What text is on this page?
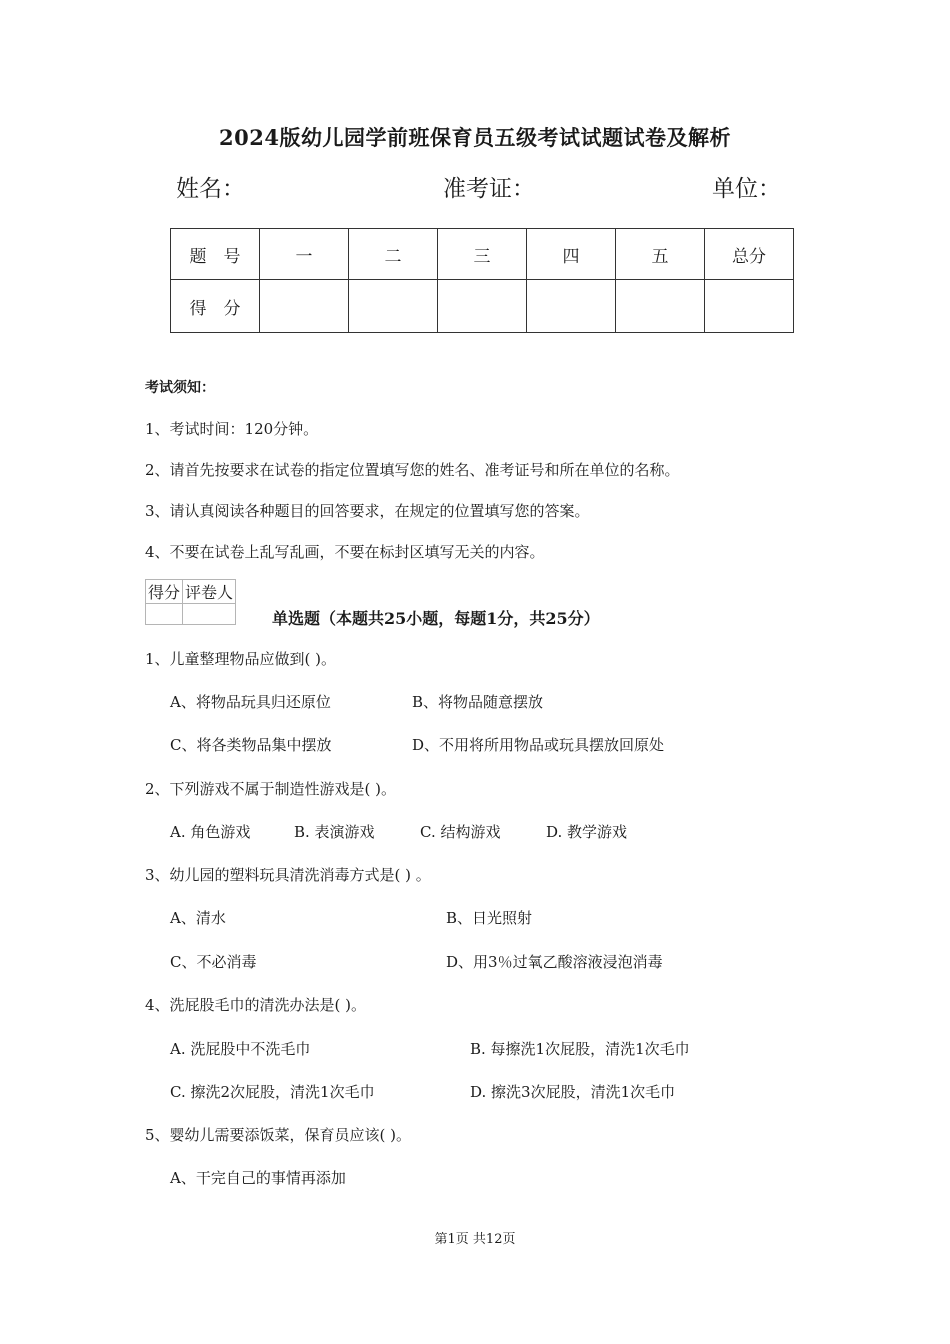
2024版幼儿园学前班保育员五级考试试题试卷及解析
姓名：	准考证：	单位：
题　号	一	二	三	四	五	总分
得　分						
考试须知：
1、考试时间：120分钟。
2、请首先按要求在试卷的指定位置填写您的姓名、准考证号和所在单位的名称。
3、请认真阅读各种题目的回答要求，在规定的位置填写您的答案。
4、不要在试卷上乱写乱画，不要在标封区填写无关的内容。
得分	评卷人

单选题（本题共25小题，每题1分，共25分）
1、儿童整理物品应做到( )。
A、将物品玩具归还原位	B、将物品随意摆放
C、将各类物品集中摆放	D、不用将所用物品或玩具摆放回原处
2、下列游戏不属于制造性游戏是( )。
A. 角色游戏	B. 表演游戏	C. 结构游戏	D. 教学游戏
3、幼儿园的塑料玩具清洗消毒方式是( ) 。
A、清水	B、日光照射
C、不必消毒	D、用3％过氧乙酸溶液浸泡消毒
4、洗屁股毛巾的清洗办法是( )。
A. 洗屁股中不洗毛巾	B. 每擦洗1次屁股，清洗1次毛巾
C. 擦洗2次屁股，清洗1次毛巾	D. 擦洗3次屁股，清洗1次毛巾
5、婴幼儿需要添饭菜，保育员应该( )。
A、干完自己的事情再添加
第1页 共12页
